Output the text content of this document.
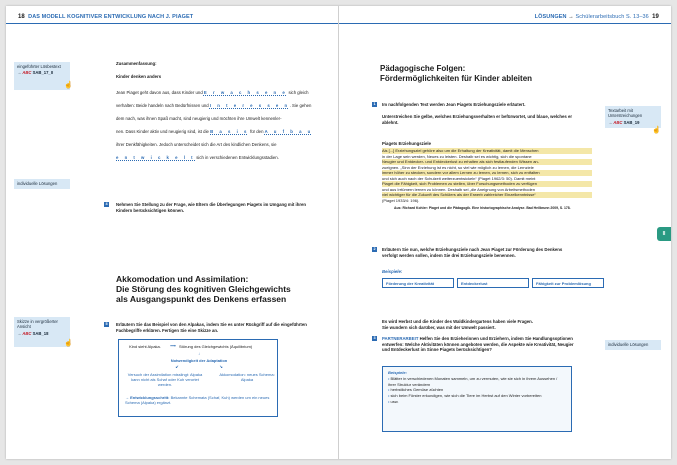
18 DAS MODELL KOGNITIVER ENTWICKLUNG NACH J. PIAGET
eingeführter Lösbestext
→ ABC SAB_17_II
☝
individuelle Lösungen
Skizze in vergrößerter Ansicht
→ ABC SAB_18
☝
Zusammenfassung:
Kinder denken anders

Jean Piaget geht davon aus, dass Kinder und E r w a c h s e n e sich gleich

verhalten: Beide handeln nach Bedürfnissen und I n t e r e s s e n. Sie gehen

dem nach, was ihnen Spaß macht, sind neugierig und möchten ihre Umwelt kennenler-

nen. Dass Kinder aktiv und neugierig sind, ist die B a s i s für den A u f b a u

ihrer Denkfähigkeiten. Jedoch unterscheidet sich die Art des kindlichen Denkens, sie

e n t w i c k e l t sich in verschiedenen Entwicklungsstadien.

4	Nehmen Sie Stellung zu der Frage, wie Eltern die Überlegungen Piagets im Umgang mit ihren Kindern berücksichtigen können.
Akkomodation und Assimilation:
Die Störung des kognitiven Gleichgewichts
als Ausgangspunkt des Denkens erfassen
5	Erläutern Sie das Beispiel von den Alpakas, indem Sie es unter Rückgriff auf die eingeführten Fachbegriffe erklären. Fertigen Sie eine Skizze an.
Kind sieht Alpaka.	⟶ Störung des Gleichgewichts (Äquilibrium)
↓
Notwendigkeit der Adaptation
↙	↘
Versuch der Assimilation misslingt: Alpaka kann nicht als Schaf oder Kuh verortet werden.
Akkomodation: neues Schema: Alpaka
→ Entwicklungsschritt: Bekannte Schemata (Schaf, Kuh) werden um ein neues Schema (Alpaka) ergänzt.
LÖSUNGEN → Schülerarbeitsbuch S. 13–36 19
Pädagogische Folgen:
Fördermöglichkeiten für Kinder ableiten
1	Im nachfolgenden Text werden Jean Piagets Erziehungsziele erläutert.
Unterstreichen Sie gelbe, welches Erziehungsverhalten er befürwortet, und blaue, welches er ablehnt.
Piagets Erziehungsziele
Als [...] Erziehungsziel gehöre also um die Erhaltung der Kreativität, damit die Menschen
in der Lage sein werden, Neues zu leisten. Deshalb sei es wichtig, sich die spontane
Neugier und Entdecker- und Entdeckerlust zu erhalten als sich festlaufenden Wissen an-
zueignen. „Sinn der Erziehung ist es nicht, so viel wie möglich zu lernen, die Lernziele
immer höher zu stecken, sondern vor allem Lernen zu lernen, zu lernen, sich zu entfalten
und sich auch nach der Schulzeit weiterzuentwickeln“ (Piaget 1962/3: 50). Damit meint
Piaget die Fähigkeit, sich Problemen zu stellen, über Forschungsmethoden zu verfügen
und aus Irrtümern lernen zu können. Deshalb sei „die Aneignung von Arbeitsmethoden
viel wichtiger für die Zukunft des Schülers als der Erwerb zahlreicher Einzelkenntnisse“
(Piaget 1933/4: 196).
Aus: Richard Kohler: Piaget und die Pädagogik. Eine historiographische Analyse. Bad Heilbrunn 2009, S. 178.
2	Erläutern Sie nun, welche Erziehungsziele nach Jean Piaget zur Förderung des Denkens verfolgt werden sollen, indem Sie drei Erziehungsziele benennen.
Beispiele:
Förderung der Kreativität	Entdeckerlust	Fähigkeit zur Problemlösung
Es wird Herbst und die Kinder des Waldkindergartens haben viele Fragen.
Sie wundern sich darüber, was mit der Umwelt passiert.
3	PARTNERARBEIT Helfen Sie den Erzieherinnen und Erziehern, indem Sie Handlungsoptionen entwerfen: Welche Aktivitäten können angeboten werden, die Aspekte wie Kreativität, Neugier und Entdeckerlust im Sinne Piagets berücksichtigen?
Beispiele:
• Blätter in verschiedenen Monaten sammeln, um zu vermuten, wie sie sich in ihrem Aussehen / ihrer Struktur verändern
• herbstliches Gemüse züchten
• sich beim Förster erkundigen, wie sich die Tiere im Herbst auf den Winter vorbereiten
• usw.
Textarbeit mit Unterstreichungen
→ ABC SAB_19
☝
individuelle Lösungen
II
